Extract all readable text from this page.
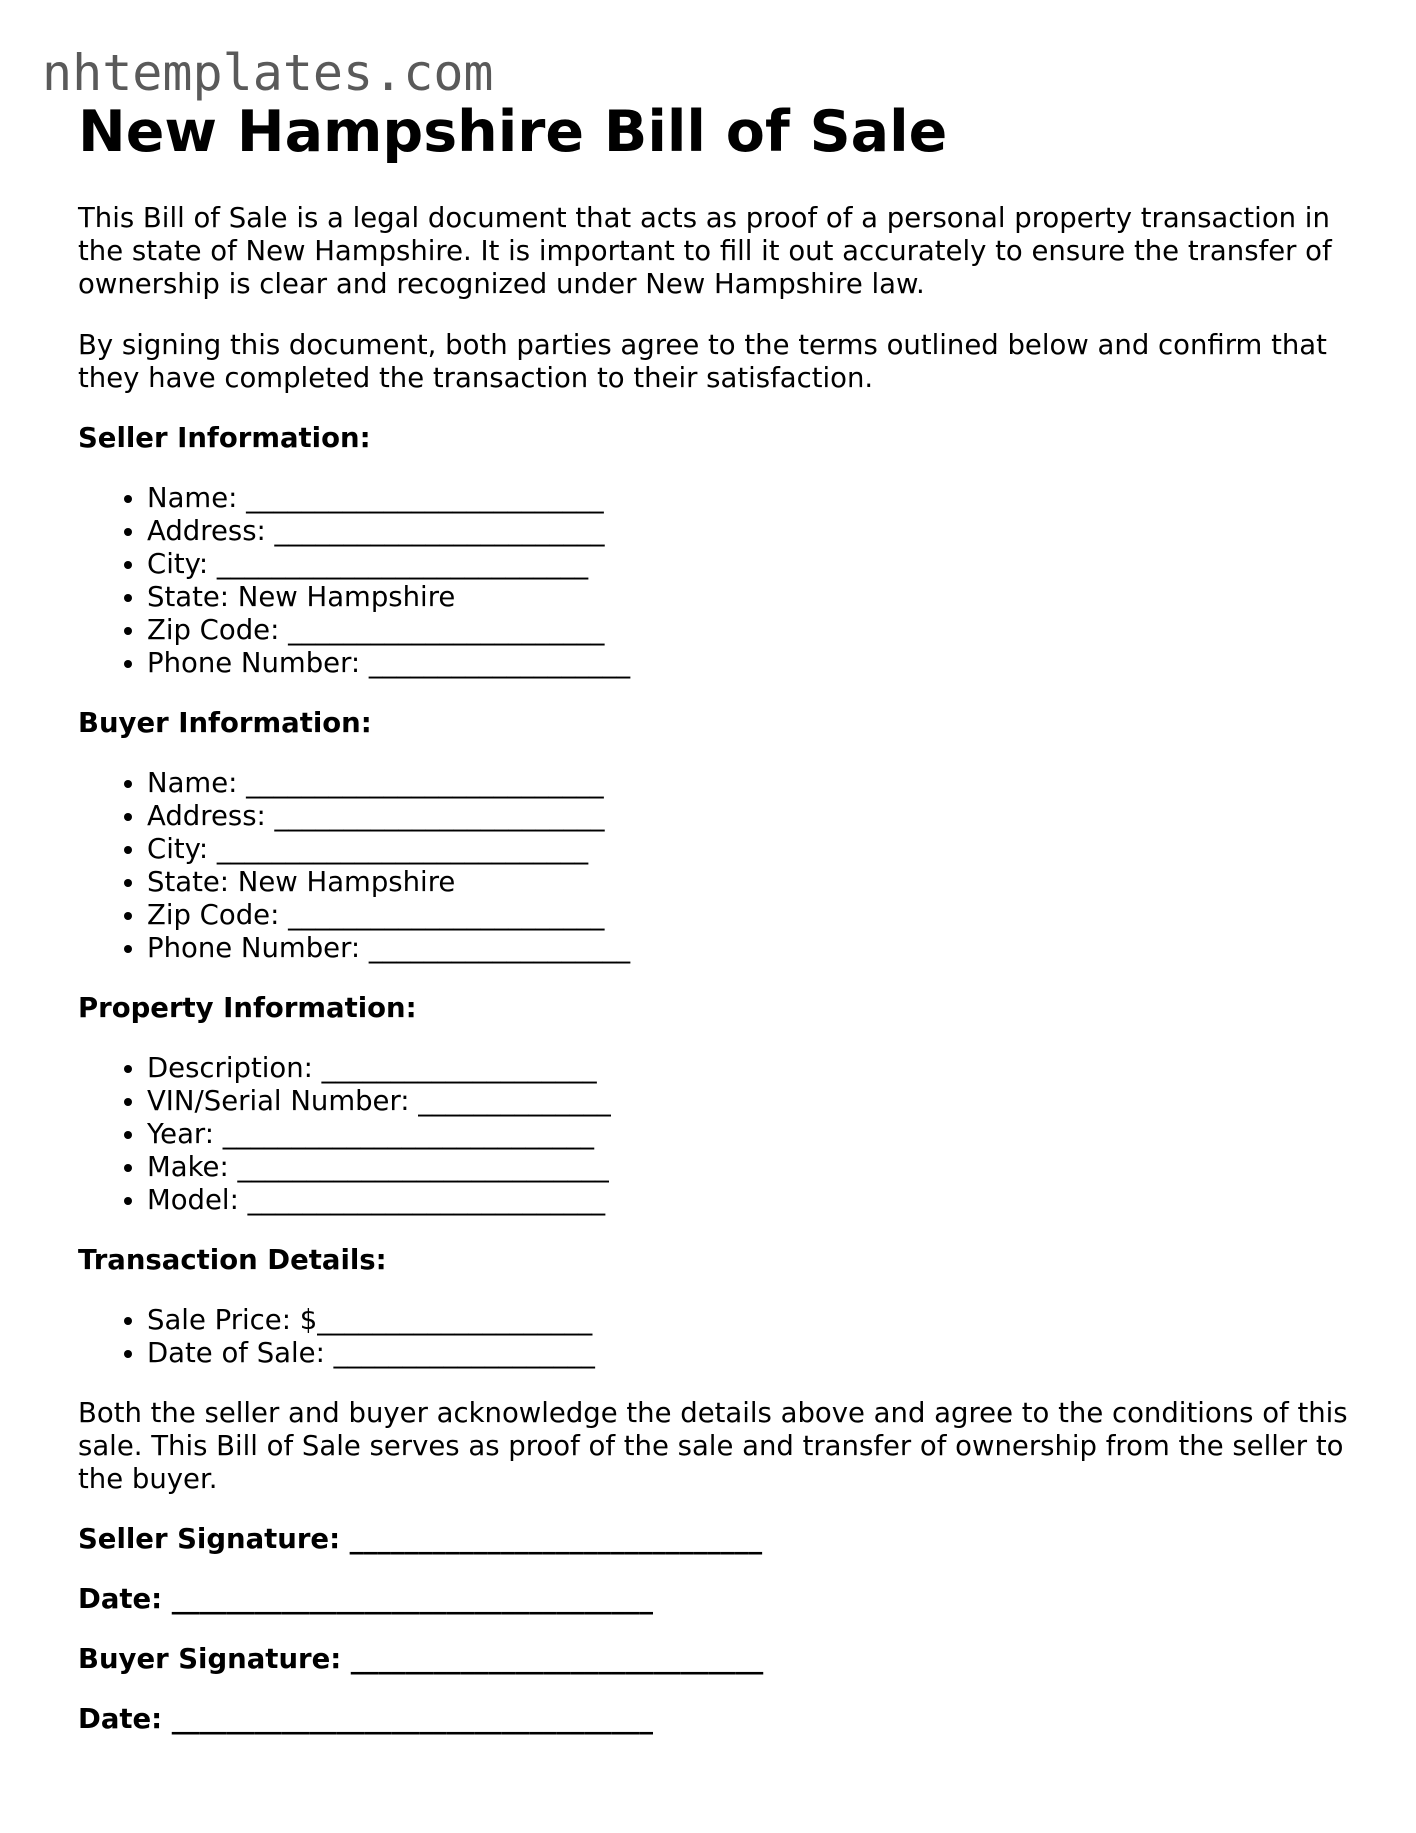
nhtemplates.com
New Hampshire Bill of Sale

This Bill of Sale is a legal document that acts as proof of a personal property transaction in the state of New Hampshire. It is important to fill it out accurately to ensure the transfer of ownership is clear and recognized under New Hampshire law.

By signing this document, both parties agree to the terms outlined below and confirm that they have completed the transaction to their satisfaction.

Seller Information:
• Name: __________________________
• Address: ________________________
• City: ___________________________
• State: New Hampshire
• Zip Code: _______________________
• Phone Number: ___________________
Buyer Information:
• Name: __________________________
• Address: ________________________
• City: ___________________________
• State: New Hampshire
• Zip Code: _______________________
• Phone Number: ___________________
Property Information:
• Description: ____________________
• VIN/Serial Number: ______________
• Year: ___________________________
• Make: ___________________________
• Model: __________________________
Transaction Details:
• Sale Price: $____________________
• Date of Sale: ___________________

Both the seller and buyer acknowledge the details above and agree to the conditions of this sale. This Bill of Sale serves as proof of the sale and transfer of ownership from the seller to the buyer.

Seller Signature: ______________________________
Date: ___________________________________
Buyer Signature: ______________________________
Date: ___________________________________
